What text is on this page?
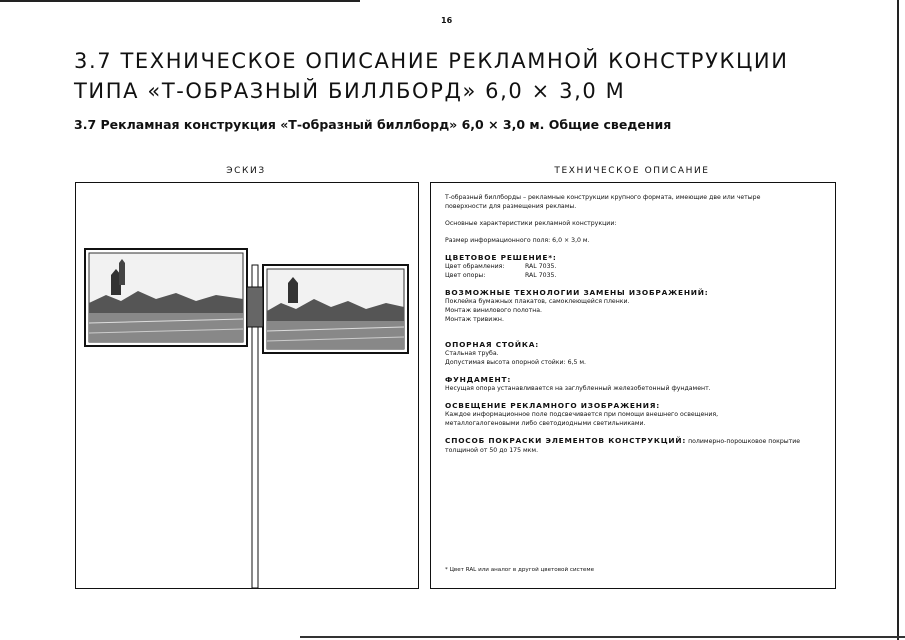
16
3.7 ТЕХНИЧЕСКОЕ ОПИСАНИЕ РЕКЛАМНОЙ КОНСТРУКЦИИ
ТИПА «Т-ОБРАЗНЫЙ БИЛЛБОРД» 6,0 × 3,0 М
3.7 Рекламная конструкция «Т-образный биллборд» 6,0 × 3,0 м. Общие сведения
ЭСКИЗ	ТЕХНИЧЕСКОЕ ОПИСАНИЕ

Т-образный биллборды – рекламные конструкции крупного формата, имеющие две или четыре

поверхности для размещения рекламы.

Основные характеристики рекламной конструкции:

Размер информационного поля: 6,0 × 3,0 м.

ЦВЕТОВОЕ РЕШЕНИЕ*:

Цвет обрамления:	RAL 7035.
Цвет опоры:	RAL 7035.

ВОЗМОЖНЫЕ ТЕХНОЛОГИИ ЗАМЕНЫ ИЗОБРАЖЕНИЙ:

Поклейка бумажных плакатов, самоклеющейся пленки.

Монтаж винилового полотна.

Монтаж тривижн.

ОПОРНАЯ СТОЙКА:

Стальная труба.

Допустимая высота опорной стойки: 6,5 м.

ФУНДАМЕНТ:

Несущая опора устанавливается на заглубленный железобетонный фундамент.

ОСВЕЩЕНИЕ РЕКЛАМНОГО ИЗОБРАЖЕНИЯ:

Каждое информационное поле подсвечивается при помощи внешнего освещения,

металлогалогеновыми либо светодиодными светильниками.

СПОСОБ ПОКРАСКИ ЭЛЕМЕНТОВ КОНСТРУКЦИЙ: полимерно-порошковое покрытие

толщиной от 50 до 175 мкм.

* Цвет RAL или аналог в другой цветовой системе
